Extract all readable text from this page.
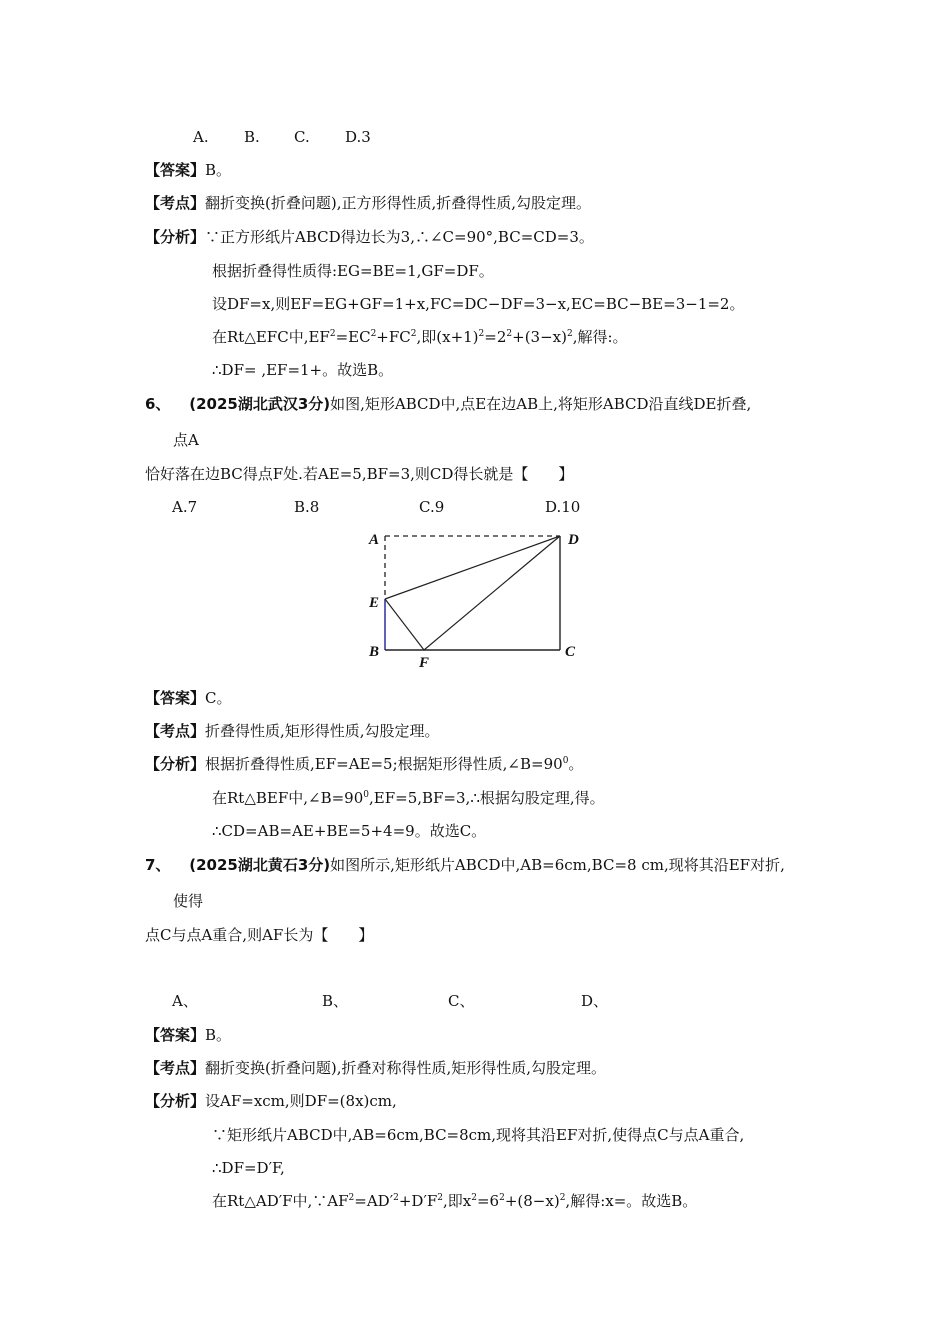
A. B. C. D.3
【答案】B。
【考点】翻折变换(折叠问题),正方形得性质,折叠得性质,勾股定理。
【分析】∵正方形纸片ABCD得边长为3,∴∠C=90°,BC=CD=3。
根据折叠得性质得:EG=BE=1,GF=DF。
设DF=x,则EF=EG+GF=1+x,FC=DC−DF=3−x,EC=BC−BE=3−1=2。
在Rt△EFC中$,EF^2=EC^2+FC^2$,即$(x+1)^2=2^2+(3-x)^2$,解得:。
∴DF= ,EF=1+。故选B。
6、 (2025湖北武汉3分)如图,矩形ABCD中,点E在边AB上,将矩形ABCD沿直线DE折叠,
点A
恰好落在边BC得点F处.若AE=5,BF=3,则CD得长就是【　　】
A.7	B.8	C.9	D.10
A	D
E
B
F
C
【答案】C。
【考点】折叠得性质,矩形得性质,勾股定理。
【分析】根据折叠得性质,EF=AE=5;根据矩形得性质$,\angle B=90^0$。
在Rt△BEF中$,\angle B=90^0,EF=5,BF=3,\therefore$根据勾股定理,得。
∴CD=AB=AE+BE=5+4=9。故选C。
7、 (2025湖北黄石3分)如图所示,矩形纸片ABCD中,AB=6cm,BC=8 cm,现将其沿EF对折,
使得
点C与点A重合,则AF长为【　　】
A、	B、	C、	D、
【答案】B。
【考点】翻折变换(折叠问题),折叠对称得性质,矩形得性质,勾股定理。
【分析】设AF=xcm,则DF=(8x)cm,
∵矩形纸片ABCD中,AB=6cm,BC=8cm,现将其沿EF对折,使得点C与点A重合,
∴DF=D′F,
在Rt△AD′F中$,\because AF^2=AD'^2+D'F^2$,即$x^2=6^2+(8-x)^2$,解得:x=。故选B。
